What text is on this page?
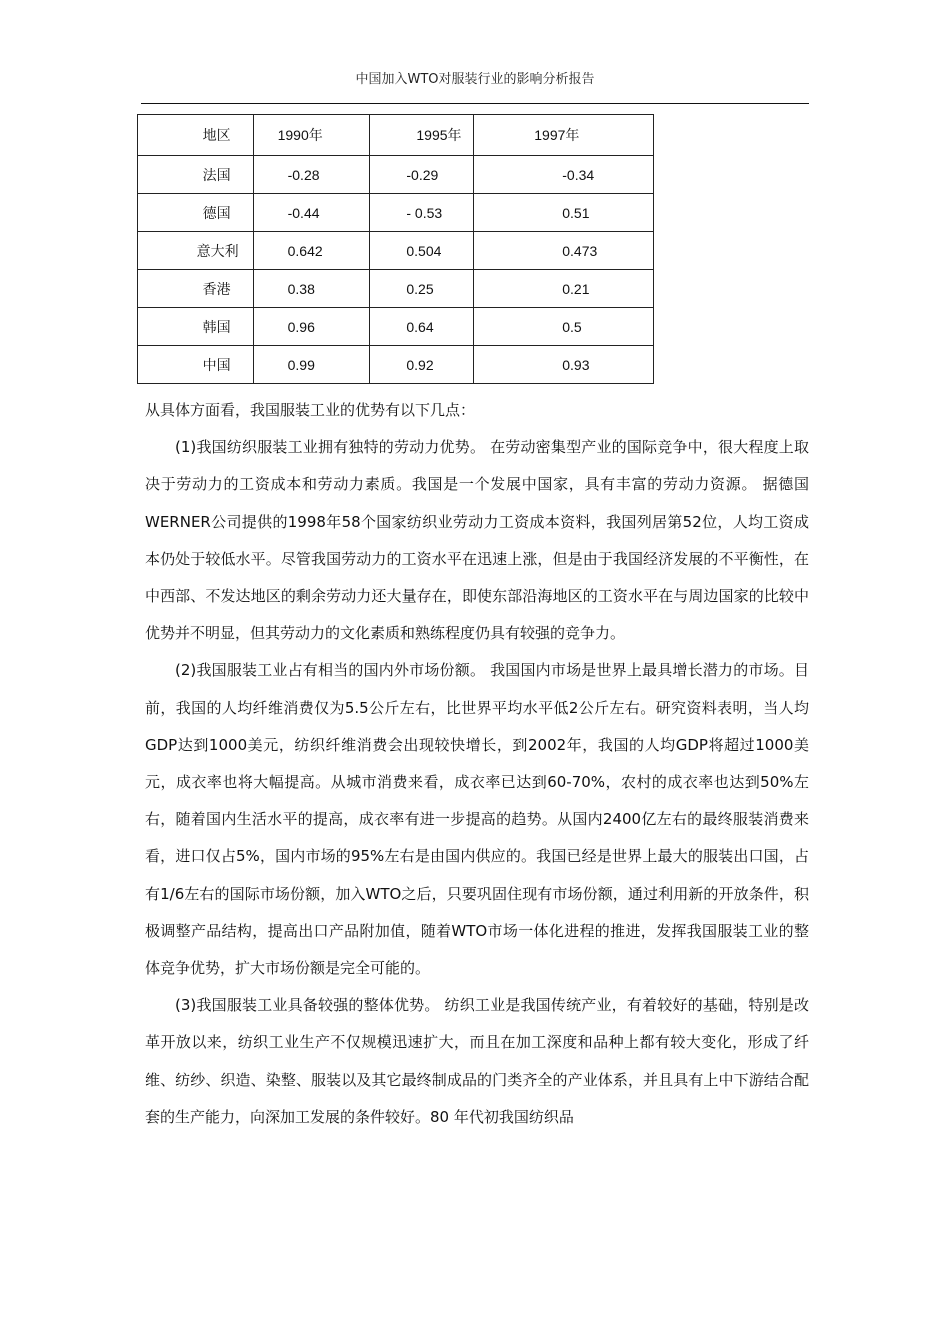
中国加入WTO对服装行业的影响分析报告
地区	1990年	1995年	1997年
法国	-0.28	-0.29	-0.34
德国	-0.44	- 0.53	0.51
意大利	0.642	0.504	0.473
香港	0.38	0.25	0.21
韩国	0.96	0.64	0.5
中国	0.99	0.92	0.93

从具体方面看，我国服装工业的优势有以下几点：

(1)我国纺织服装工业拥有独特的劳动力优势。 在劳动密集型产业的国际竞争中，很大程度上取决于劳动力的工资成本和劳动力素质。我国是一个发展中国家，具有丰富的劳动力资源。 据德国WERNER公司提供的1998年58个国家纺织业劳动力工资成本资料，我国列居第52位，人均工资成本仍处于较低水平。尽管我国劳动力的工资水平在迅速上涨，但是由于我国经济发展的不平衡性，在中西部、不发达地区的剩余劳动力还大量存在，即使东部沿海地区的工资水平在与周边国家的比较中优势并不明显，但其劳动力的文化素质和熟练程度仍具有较强的竞争力。

(2)我国服装工业占有相当的国内外市场份额。 我国国内市场是世界上最具增长潜力的市场。目前，我国的人均纤维消费仅为5.5公斤左右，比世界平均水平低2公斤左右。研究资料表明，当人均GDP达到1000美元，纺织纤维消费会出现较快增长，到2002年，我国的人均GDP将超过1000美元，成衣率也将大幅提高。从城市消费来看，成衣率已达到60-70%，农村的成衣率也达到50%左右，随着国内生活水平的提高，成衣率有进一步提高的趋势。从国内2400亿左右的最终服装消费来看，进口仅占5%，国内市场的95%左右是由国内供应的。我国已经是世界上最大的服装出口国，占有1/6左右的国际市场份额，加入WTO之后，只要巩固住现有市场份额，通过利用新的开放条件，积极调整产品结构，提高出口产品附加值，随着WTO市场一体化进程的推进，发挥我国服装工业的整体竞争优势，扩大市场份额是完全可能的。

(3)我国服装工业具备较强的整体优势。 纺织工业是我国传统产业，有着较好的基础，特别是改革开放以来，纺织工业生产不仅规模迅速扩大，而且在加工深度和品种上都有较大变化，形成了纤维、纺纱、织造、染整、服装以及其它最终制成品的门类齐全的产业体系，并且具有上中下游结合配套的生产能力，向深加工发展的条件较好。80 年代初我国纺织品
